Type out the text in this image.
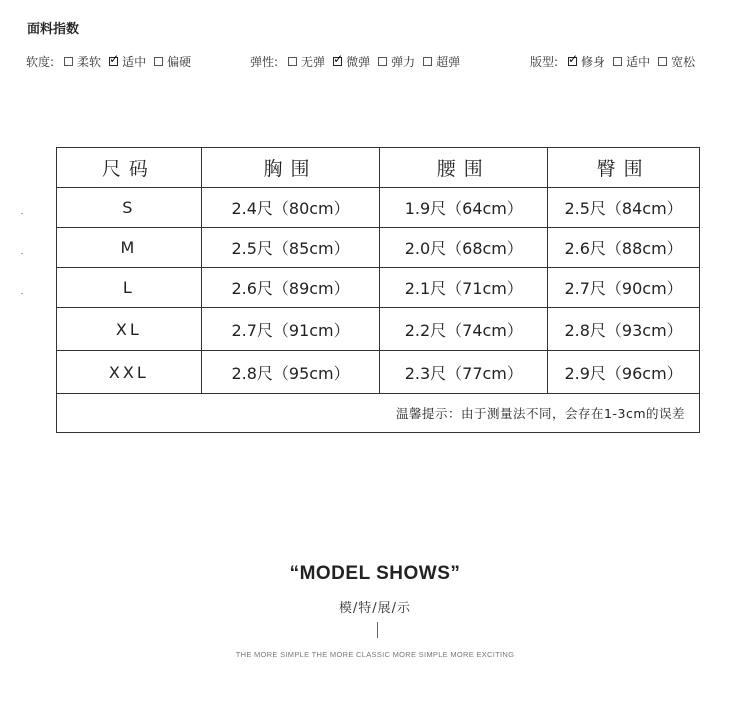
面料指数
软度: 柔软 ✓ 适中 偏硬	弹性: 无弹 ✓ 微弹 弹力 超弹	版型: ✓ 修身 适中 宽松
尺码	胸围	腰围	臀围
S	2.4尺（80cm）	1.9尺（64cm）	2.5尺（84cm）
M	2.5尺（85cm）	2.0尺（68cm）	2.6尺（88cm）
L	2.6尺（89cm）	2.1尺（71cm）	2.7尺（90cm）
XL	2.7尺（91cm）	2.2尺（74cm）	2.8尺（93cm）
XXL	2.8尺（95cm）	2.3尺（77cm）	2.9尺（96cm）
温馨提示：由于测量法不同，会存在1-3cm的误差			
“MODEL SHOWS”
模/特/展/示
THE MORE SIMPLE THE MORE CLASSIC MORE SIMPLE MORE EXCITING
